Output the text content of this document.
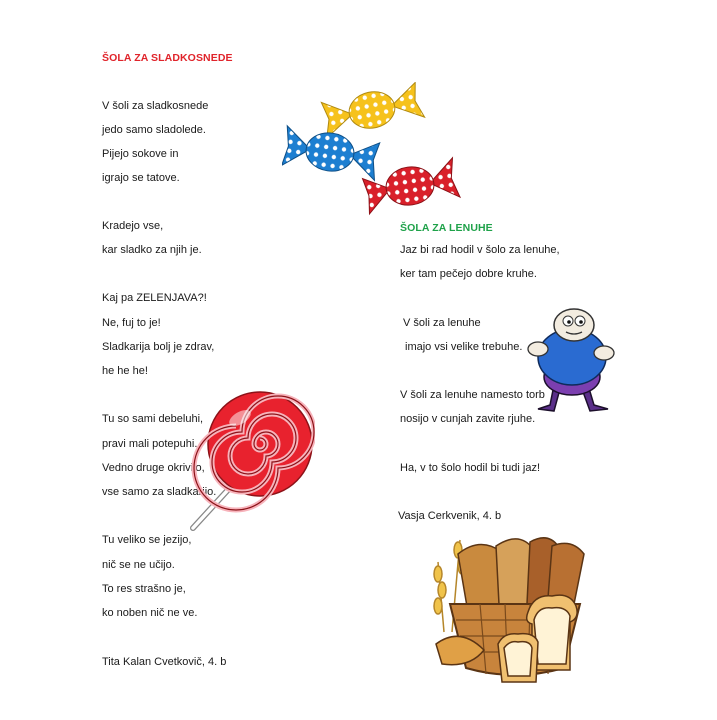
ŠOLA ZA SLADKOSNEDE
V šoli za sladkosnede
jedo samo sladolede.
Pijejo sokove in
igrajo se tatove.
Kradejo vse,
kar sladko za njih je.
Kaj pa ZELENJAVA?!
Ne, fuj to je!
Sladkarija bolj je zdrav,
he he he!
Tu so sami debeluhi,
pravi mali potepuhi.
Vedno druge okrivijo,
vse samo za sladkarijo.
Tu veliko se jezijo,
nič se ne učijo.
To res strašno je,
ko noben nič ne ve.
Tita Kalan Cvetkovič, 4. b
ŠOLA ZA LENUHE
Jaz bi rad hodil v šolo za lenuhe,
ker tam pečejo dobre kruhe.
V šoli za lenuhe
imajo vsi velike trebuhe.
V šoli za lenuhe namesto torb
nosijo v cunjah zavite rjuhe.
Ha, v to šolo hodil bi tudi jaz!
Vasja Cerkvenik, 4. b
